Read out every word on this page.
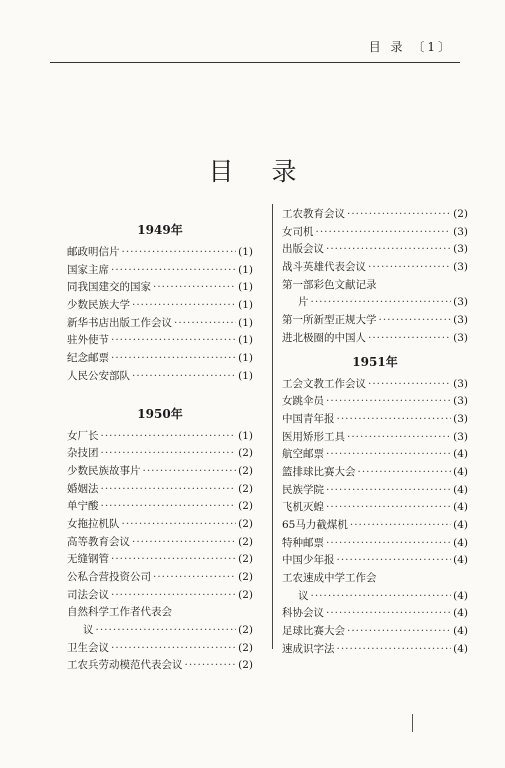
目 录 〔1〕
目录
1949年
邮政明信片 ·····	(1)
国家主席 ·····	(1)
同我国建交的国家 ·····	(1)
少数民族大学 ·····	(1)
新华书店出版工作会议 ·····	(1)
驻外使节 ·····	(1)
纪念邮票 ·····	(1)
人民公安部队 ·····	(1)
1950年
女厂长 ·····	(1)
杂技团 ·····	(2)
少数民族故事片 ·····	(2)
婚姻法 ·····	(2)
单宁酸 ·····	(2)
女拖拉机队 ·····	(2)
高等教育会议 ·····	(2)
无缝钢管 ·····	(2)
公私合营投资公司 ·····	(2)
司法会议 ·····	(2)
自然科学工作者代表会
议 ·····	(2)
卫生会议 ·····	(2)
工农兵劳动模范代表会议 ·····	(2)
工农教育会议 ·····	(2)
女司机 ·····	(3)
出版会议 ·····	(3)
战斗英雄代表会议 ·····	(3)
第一部彩色文献记录
片 ·····	(3)
第一所新型正规大学 ·····	(3)
进北极圈的中国人 ·····	(3)
1951年
工会文教工作会议 ·····	(3)
女跳伞员 ·····	(3)
中国青年报 ·····	(3)
医用矫形工具 ·····	(3)
航空邮票 ·····	(4)
篮排球比赛大会 ·····	(4)
民族学院 ·····	(4)
飞机灭蝗 ·····	(4)
65马力截煤机 ·····	(4)
特种邮票 ·····	(4)
中国少年报 ·····	(4)
工农速成中学工作会
议 ·····	(4)
科协会议 ·····	(4)
足球比赛大会 ·····	(4)
速成识字法 ·····	(4)
